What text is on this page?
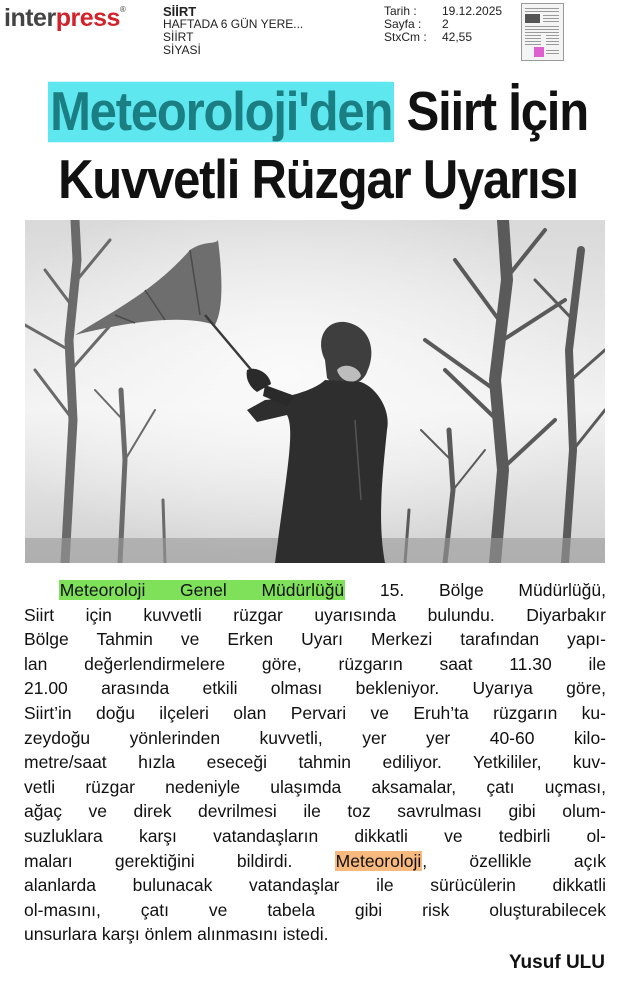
interpress®	SİİRT
HAFTADA 6 GÜN YERE...
SİİRT
SİYASİ
Tarih :	19.12.2025
Sayfa :	2
StxCm :	42,55
Meteoroloji'den Siirt İçin
Kuvvetli Rüzgar Uyarısı
Meteoroloji Genel Müdürlüğü 15. Bölge Müdürlüğü,
Siirt için kuvvetli rüzgar uyarısında bulundu. Diyarbakır
Bölge Tahmin ve Erken Uyarı Merkezi tarafından yapı-
lan değerlendirmelere göre, rüzgarın saat 11.30 ile
21.00 arasında etkili olması bekleniyor. Uyarıya göre,
Siirt’in doğu ilçeleri olan Pervari ve Eruh’ta rüzgarın ku-
zeydoğu yönlerinden kuvvetli, yer yer 40-60 kilo-
metre/saat hızla eseceği tahmin ediliyor. Yetkililer, kuv-
vetli rüzgar nedeniyle ulaşımda aksamalar, çatı uçması,
ağaç ve direk devrilmesi ile toz savrulması gibi olum-
suzluklara karşı vatandaşların dikkatli ve tedbirli ol-
maları gerektiğini bildirdi. Meteoroloji, özellikle açık
alanlarda bulunacak vatandaşlar ile sürücülerin dikkatli
ol-masını, çatı ve tabela gibi risk oluşturabilecek
unsurlara karşı önlem alınmasını istedi.
Yusuf ULU
